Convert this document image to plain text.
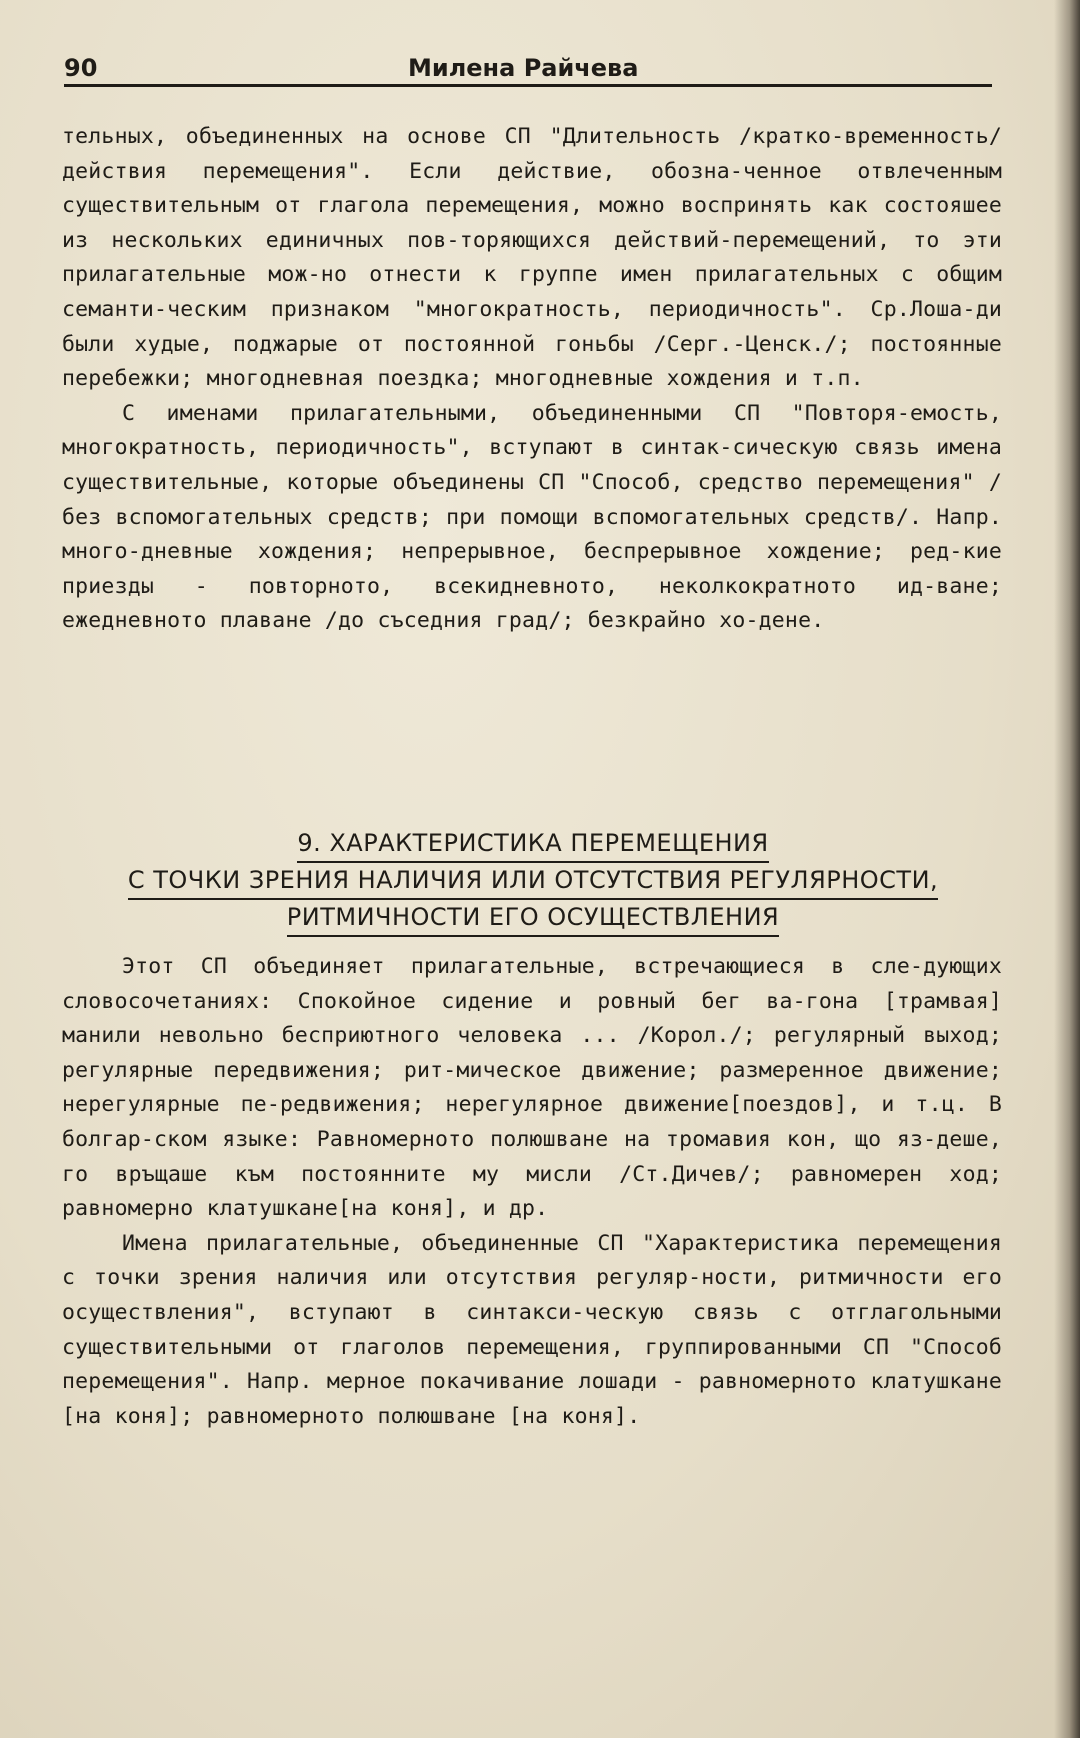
90	Милена Райчева

тельных, объединенных на основе СП "Длительность /кратко-временность/ действия перемещения". Если действие, обозна-ченное отвлеченным существительным от глагола перемещения, можно воспринять как состояшее из нескольких единичных пов-торяющихся действий-перемещений, то эти прилагательные мож-но отнести к группе имен прилагательных с общим семанти-ческим признаком "многократность, периодичность". Ср.Лоша-ди были худые, поджарые от постоянной гоньбы /Серг.-Ценск./; постоянные перебежки; многодневная поездка; многодневные хождения и т.п.

С именами прилагательными, объединенными СП "Повторя-емость, многократность, периодичность", вступают в синтак-сическую связь имена существительные, которые объединены СП "Способ, средство перемещения" /без вспомогательных средств; при помощи вспомогательных средств/. Напр. много-дневные хождения; непрерывное, беспрерывное хождение; ред-кие приезды - повторното, всекидневното, неколкократното ид-ване; ежедневното плаване /до съседния град/; безкрайно хо-дене.

9. ХАРАКТЕРИСТИКА ПЕРЕМЕЩЕНИЯ
С ТОЧКИ ЗРЕНИЯ НАЛИЧИЯ ИЛИ ОТСУТСТВИЯ РЕГУЛЯРНОСТИ,
РИТМИЧНОСТИ ЕГО ОСУЩЕСТВЛЕНИЯ

Этот СП объединяет прилагательные, встречающиеся в сле-дующих словосочетаниях: Спокойное сидение и ровный бег ва-гона [трамвая] манили невольно бесприютного человека ... /Корол./; регулярный выход; регулярные передвижения; рит-мическое движение; размеренное движение; нерегулярные пе-редвижения; нерегулярное движение[поездов], и т.ц. В болгар-ском языке: Равномерното полюшване на тромавия кон, що яз-деше, го връщаше към постоянните му мисли /Ст.Дичев/; равномерен ход; равномерно клатушкане[на коня], и др.

Имена прилагательные, объединенные СП "Характеристика перемещения с точки зрения наличия или отсутствия регуляр-ности, ритмичности его осуществления", вступают в синтакси-ческую связь с отглагольными существительными от глаголов перемещения, группированными СП "Способ перемещения". Напр. мерное покачивание лошади - равномерното клатушкане [на коня]; равномерното полюшване [на коня].
